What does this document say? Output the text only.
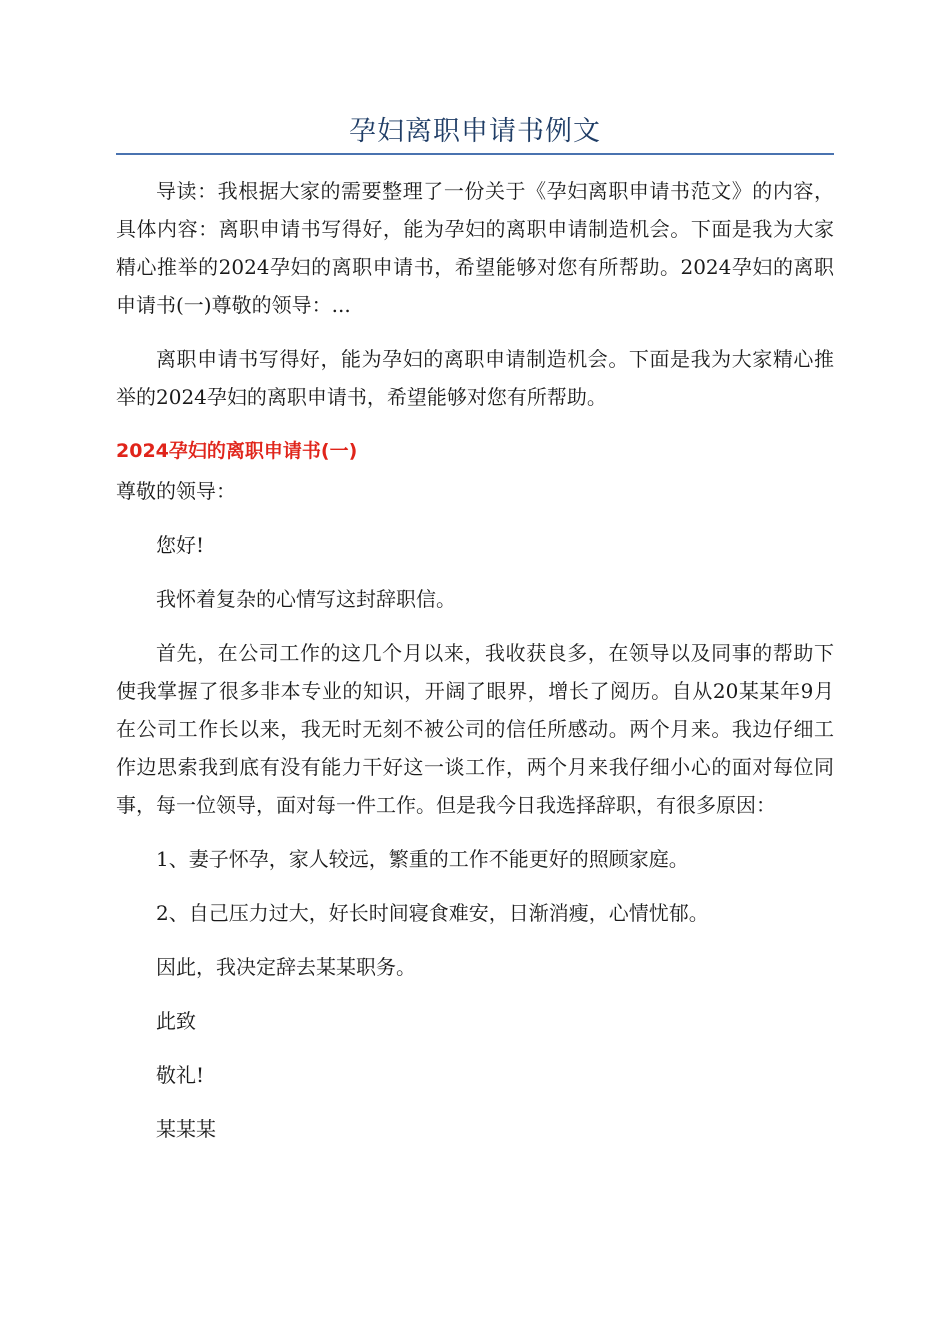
孕妇离职申请书例文

导读：我根据大家的需要整理了一份关于《孕妇离职申请书范文》的内容，具体内容：离职申请书写得好，能为孕妇的离职申请制造机会。下面是我为大家精心推举的2024孕妇的离职申请书，希望能够对您有所帮助。2024孕妇的离职申请书(一)尊敬的领导：...

离职申请书写得好，能为孕妇的离职申请制造机会。下面是我为大家精心推举的2024孕妇的离职申请书，希望能够对您有所帮助。

2024孕妇的离职申请书(一)

尊敬的领导：

您好!

我怀着复杂的心情写这封辞职信。

首先，在公司工作的这几个月以来，我收获良多，在领导以及同事的帮助下使我掌握了很多非本专业的知识，开阔了眼界，增长了阅历。自从20某某年9月在公司工作长以来，我无时无刻不被公司的信任所感动。两个月来。我边仔细工作边思索我到底有没有能力干好这一谈工作，两个月来我仔细小心的面对每位同事，每一位领导，面对每一件工作。但是我今日我选择辞职，有很多原因：

1、妻子怀孕，家人较远，繁重的工作不能更好的照顾家庭。

2、自己压力过大，好长时间寝食难安，日渐消瘦，心情忧郁。

因此，我决定辞去某某职务。

此致

敬礼!

某某某
